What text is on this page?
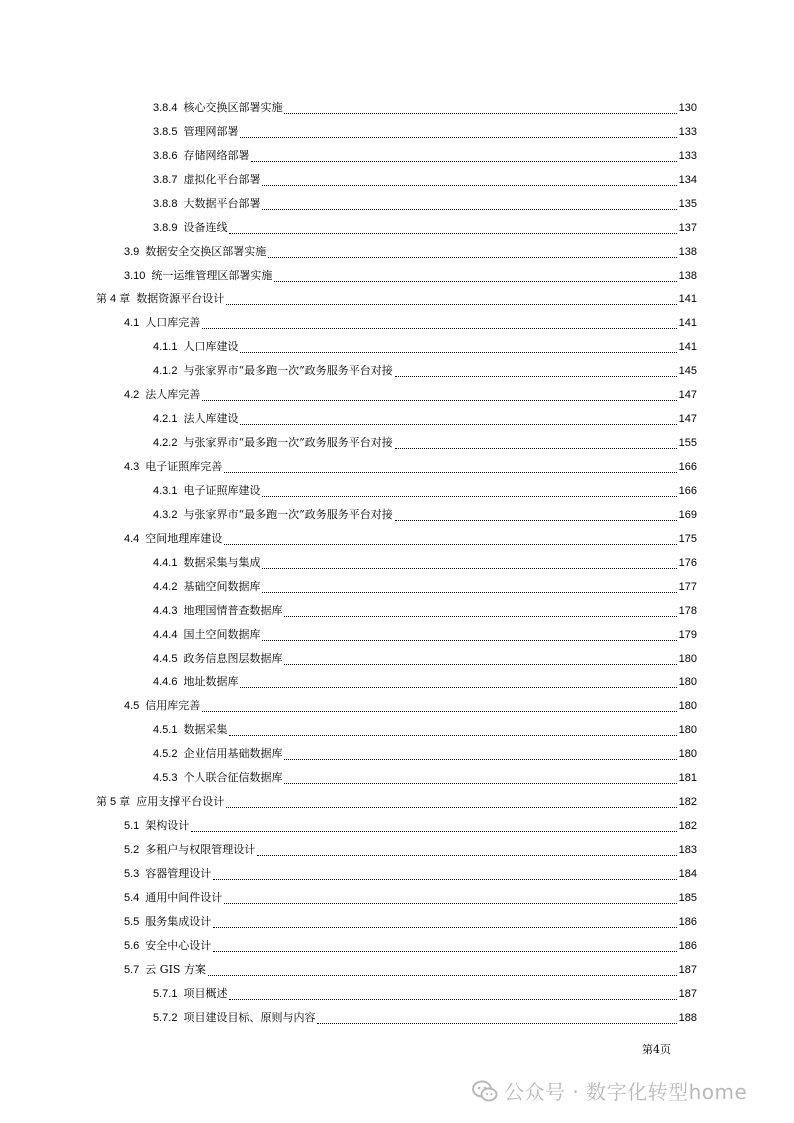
3.8.4 核心交换区部署实施	130
3.8.5 管理网部署	133
3.8.6 存储网络部署	133
3.8.7 虚拟化平台部署	134
3.8.8 大数据平台部署	135
3.8.9 设备连线	137
3.9 数据安全交换区部署实施	138
3.10 统一运维管理区部署实施	138
第 4 章 数据资源平台设计	141
4.1 人口库完善	141
4.1.1 人口库建设	141
4.1.2 与张家界市“最多跑一次”政务服务平台对接	145
4.2 法人库完善	147
4.2.1 法人库建设	147
4.2.2 与张家界市“最多跑一次”政务服务平台对接	155
4.3 电子证照库完善	166
4.3.1 电子证照库建设	166
4.3.2 与张家界市“最多跑一次”政务服务平台对接	169
4.4 空间地理库建设	175
4.4.1 数据采集与集成	176
4.4.2 基础空间数据库	177
4.4.3 地理国情普查数据库	178
4.4.4 国土空间数据库	179
4.4.5 政务信息图层数据库	180
4.4.6 地址数据库	180
4.5 信用库完善	180
4.5.1 数据采集	180
4.5.2 企业信用基础数据库	180
4.5.3 个人联合征信数据库	181
第 5 章 应用支撑平台设计	182
5.1 架构设计	182
5.2 多租户与权限管理设计	183
5.3 容器管理设计	184
5.4 通用中间件设计	185
5.5 服务集成设计	186
5.6 安全中心设计	186
5.7 云 GIS 方案	187
5.7.1 项目概述	187
5.7.2 项目建设目标、原则与内容	188
第4页
公众号 · 数字化转型home
